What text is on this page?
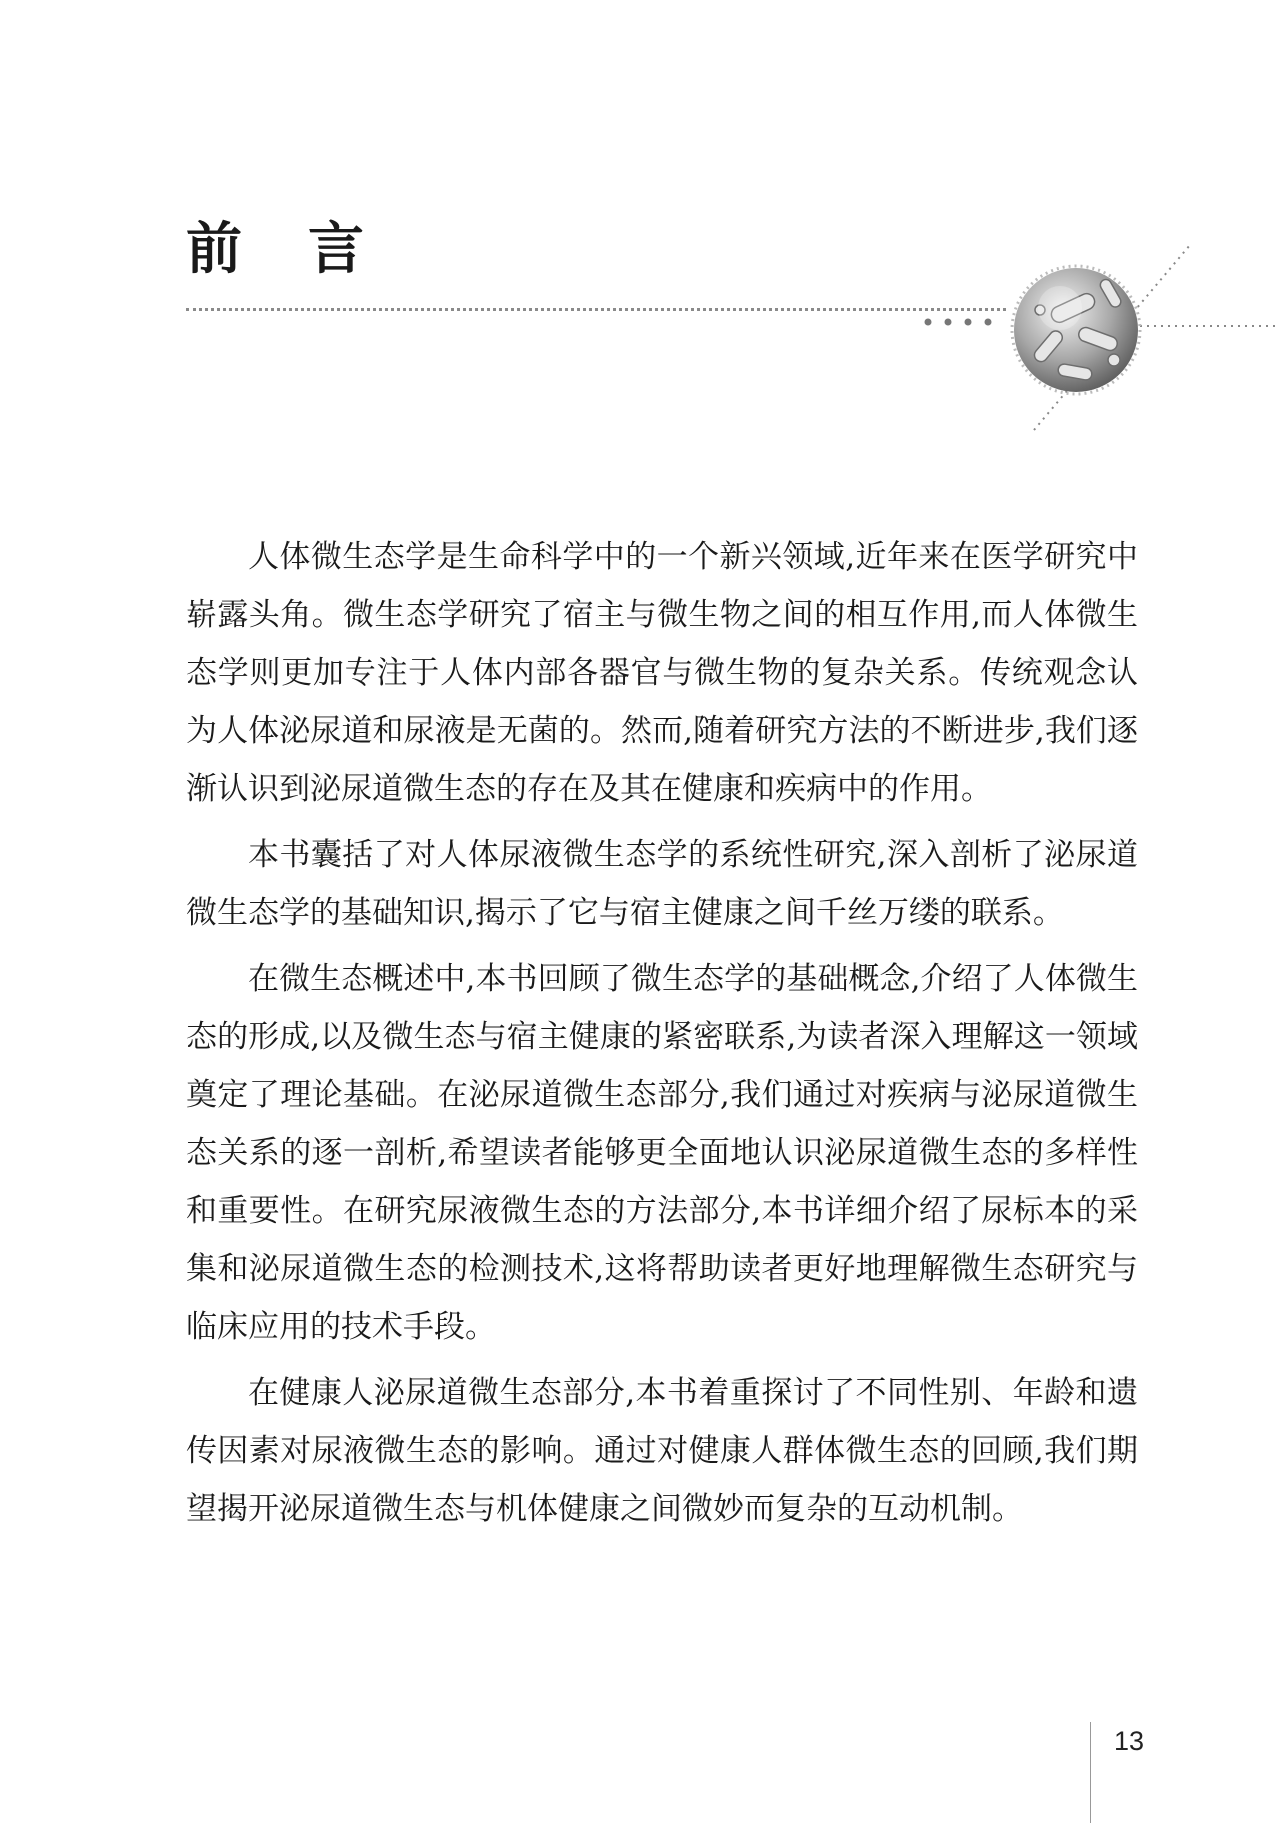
前言

人体微生态学是生命科学中的一个新兴领域,近年来在医学研究中崭露头角。微生态学研究了宿主与微生物之间的相互作用,而人体微生态学则更加专注于人体内部各器官与微生物的复杂关系。传统观念认为人体泌尿道和尿液是无菌的。然而,随着研究方法的不断进步,我们逐渐认识到泌尿道微生态的存在及其在健康和疾病中的作用。

本书囊括了对人体尿液微生态学的系统性研究,深入剖析了泌尿道微生态学的基础知识,揭示了它与宿主健康之间千丝万缕的联系。

在微生态概述中,本书回顾了微生态学的基础概念,介绍了人体微生态的形成,以及微生态与宿主健康的紧密联系,为读者深入理解这一领域奠定了理论基础。在泌尿道微生态部分,我们通过对疾病与泌尿道微生态关系的逐一剖析,希望读者能够更全面地认识泌尿道微生态的多样性和重要性。在研究尿液微生态的方法部分,本书详细介绍了尿标本的采集和泌尿道微生态的检测技术,这将帮助读者更好地理解微生态研究与临床应用的技术手段。

在健康人泌尿道微生态部分,本书着重探讨了不同性别、年龄和遗传因素对尿液微生态的影响。通过对健康人群体微生态的回顾,我们期望揭开泌尿道微生态与机体健康之间微妙而复杂的互动机制。

13
